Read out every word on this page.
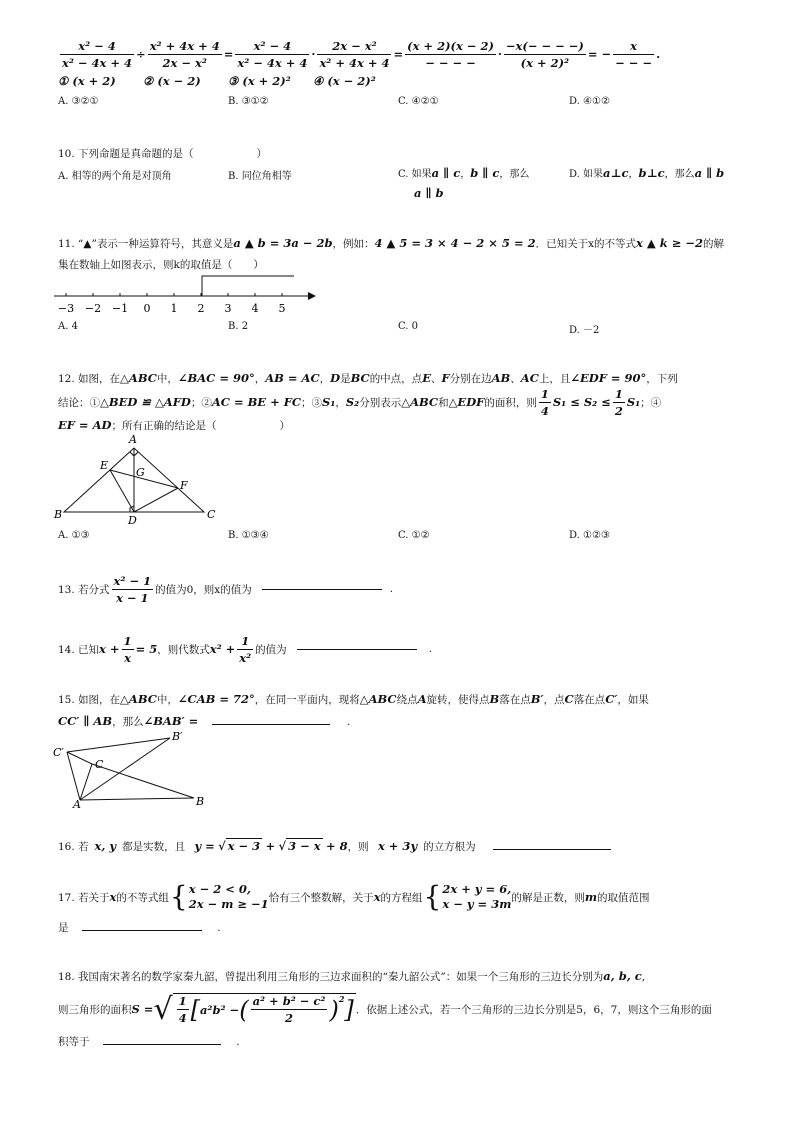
$\frac{\text{x² − 4}}{\text{x² − 4x + 4}} \div \frac{\text{x² + 4x + 4}}{\text{2x − x²}} = \frac{\text{x² − 4}}{\text{x² − 4x + 4}} \cdot \frac{\text{2x − x²}}{\text{x² + 4x + 4}} = \frac{(x + 2)(x - 2)}{- - - -} \cdot \frac{-x(- - - -)}{\text{(x + 2)²}}$ = − $\frac{x}{- - -}$ .
① (x + 2) ② (x − 2) ③ (x + 2)² ④ (x − 2)²
A. ③②①	B. ③①②	C. ④②①	D. ④①②
10. 下列命题是真命题的是（　　　　　　）
A. 相等的两个角是对顶角	B. 同位角相等	C. 如果a ∥ c，b ∥ c，那么
a ∥ b
D. 如果a⊥c，b⊥c，那么a ∥ b
11. “▲”表示一种运算符号，其意义是a ▲ b = 3a − 2b，例如：4 ▲ 5 = 3 × 4 − 2 × 5 = 2．已知关于x的不等式x ▲ k ≥ −2的解
集在数轴上如图表示，则k的取值是（　　）
−3 −2 −1 0 1 2 3 4 5
A. 4	B. 2	C. 0	D. －2
12. 如图，在△ABC中，∠BAC = 90°，AB = AC，D是BC的中点，点E、F分别在边AB、AC上，且∠EDF = 90°，下列
结论：① △BED ≌ △AFD ；② AC = BE + FC ；③ S₁ ， S₂ 分别表示 △ABC 和 △EDF 的面积，则 $\frac{1}{4} S_1 \le S_2 \le \frac{1}{2} S_1$ ；④
EF = AD；所有正确的结论是（　　　　　　）
A
B	C
D
E
F
G
A. ①③	B. ①③④	C. ①②	D. ①②③
13. 若分式 $\frac{\text{x² − 1}}{x - 1}$ 的值为0，则x的值为	.
14. 已知 $x + \frac{1}{x} = 5$ ，则代数式 $x^2 + \frac{1}{\text{x²}}$ 的值为	.
15. 如图，在△ABC中，∠CAB = 72°，在同一平面内，现将△ABC绕点A旋转，使得点B落在点B′，点C落在点C′，如果
CC′ ∥ AB，那么∠BAB′ =	.
A	B
C
C′
B′
16. 若 x, y 都是实数，且 y = √ x − 3 + √ 3 − x + 8，则 x + 3y 的立方根为
17. 若关于 x 的不等式组 { x − 2 < 0,
2x − m ≥ −1 恰有三个整数解，关于 x 的方程组 { 2x + y = 6,
x − y = 3m 的解是正数，则 m 的取值范围
是	.
18. 我国南宋著名的数学家秦九韶，曾提出利用三角形的三边求面积的“秦九韶公式”：如果一个三角形的三边长分别为a, b, c,
则三角形的面积 S = √ $\frac{1}{4}$ [ a²b² − ( $\frac{\text{a² + b² − c²}}{2} )^2$ ] ．依据上述公式，若一个三角形的三边长分别是5，6，7，则这个三角形的面
积等于	.
